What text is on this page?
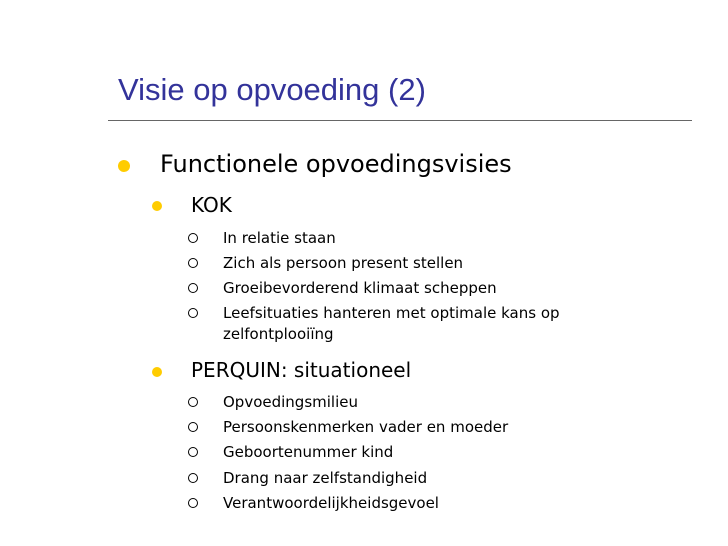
Visie op opvoeding (2)
Functionele opvoedingsvisies
KOK
In relatie staan
Zich als persoon present stellen
Groeibevorderend klimaat scheppen
Leefsituaties hanteren met optimale kans op
zelfontplooiïng
PERQUIN: situationeel
Opvoedingsmilieu
Persoonskenmerken vader en moeder
Geboortenummer kind
Drang naar zelfstandigheid
Verantwoordelijkheidsgevoel
